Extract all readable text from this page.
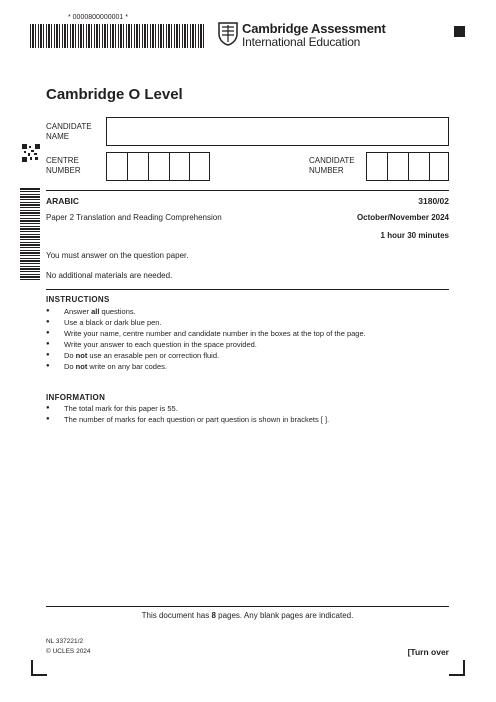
* 0000800000001 *
Cambridge Assessment
International Education
Cambridge O Level
CANDIDATE
NAME
CENTRE
NUMBER
CANDIDATE
NUMBER
ARABIC	3180/02
Paper 2 Translation and Reading Comprehension	October/November 2024
1 hour 30 minutes
You must answer on the question paper.
No additional materials are needed.
INSTRUCTIONS
● Answer all questions.
● Use a black or dark blue pen.
● Write your name, centre number and candidate number in the boxes at the top of the page.
● Write your answer to each question in the space provided.
● Do not use an erasable pen or correction fluid.
● Do not write on any bar codes.
INFORMATION
● The total mark for this paper is 55.
● The number of marks for each question or part question is shown in brackets [ ].
This document has 8 pages. Any blank pages are indicated.
NL 337221/2
© UCLES 2024	[Turn over
